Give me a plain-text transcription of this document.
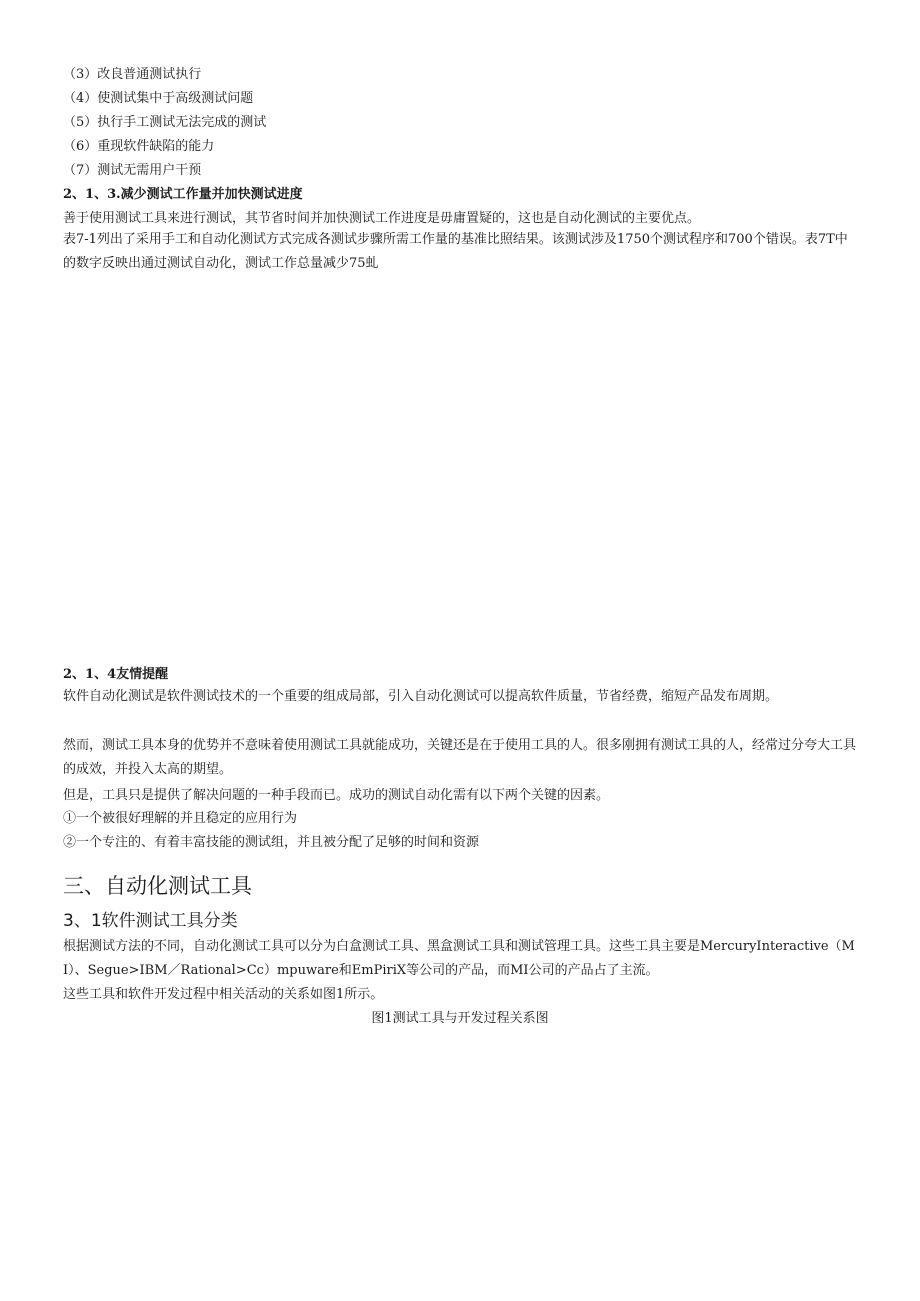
（3）改良普通测试执行
（4）使测试集中于高级测试问题
（5）执行手工测试无法完成的测试
（6）重现软件缺陷的能力
（7）测试无需用户干预
2、1、3.减少测试工作量并加快测试进度
善于使用测试工具来进行测试，其节省时间并加快测试工作进度是毋庸置疑的，这也是自动化测试的主要优点。
表7-1列出了采用手工和自动化测试方式完成各测试步骤所需工作量的基准比照结果。该测试涉及1750个测试程序和700个错误。表7T中的数字反映出通过测试自动化，测试工作总量减少75虬
2、1、4友情提醒
软件自动化测试是软件测试技术的一个重要的组成局部，引入自动化测试可以提高软件质量，节省经费，缩短产品发布周期。
然而，测试工具本身的优势并不意味着使用测试工具就能成功，关键还是在于使用工具的人。很多刚拥有测试工具的人，经常过分夸大工具的成效，并投入太高的期望。
但是，工具只是提供了解决问题的一种手段而已。成功的测试自动化需有以下两个关键的因素。
①一个被很好理解的并且稳定的应用行为
②一个专注的、有着丰富技能的测试组，并且被分配了足够的时间和资源
三、自动化测试工具
3、1软件测试工具分类
根据测试方法的不同，自动化测试工具可以分为白盒测试工具、黑盒测试工具和测试管理工具。这些工具主要是MercuryInteractive（MI）、Segue>IBM／Rational>Cc）mpuware和EmPiriX等公司的产品，而MI公司的产品占了主流。
这些工具和软件开发过程中相关活动的关系如图1所示。
图1测试工具与开发过程关系图
